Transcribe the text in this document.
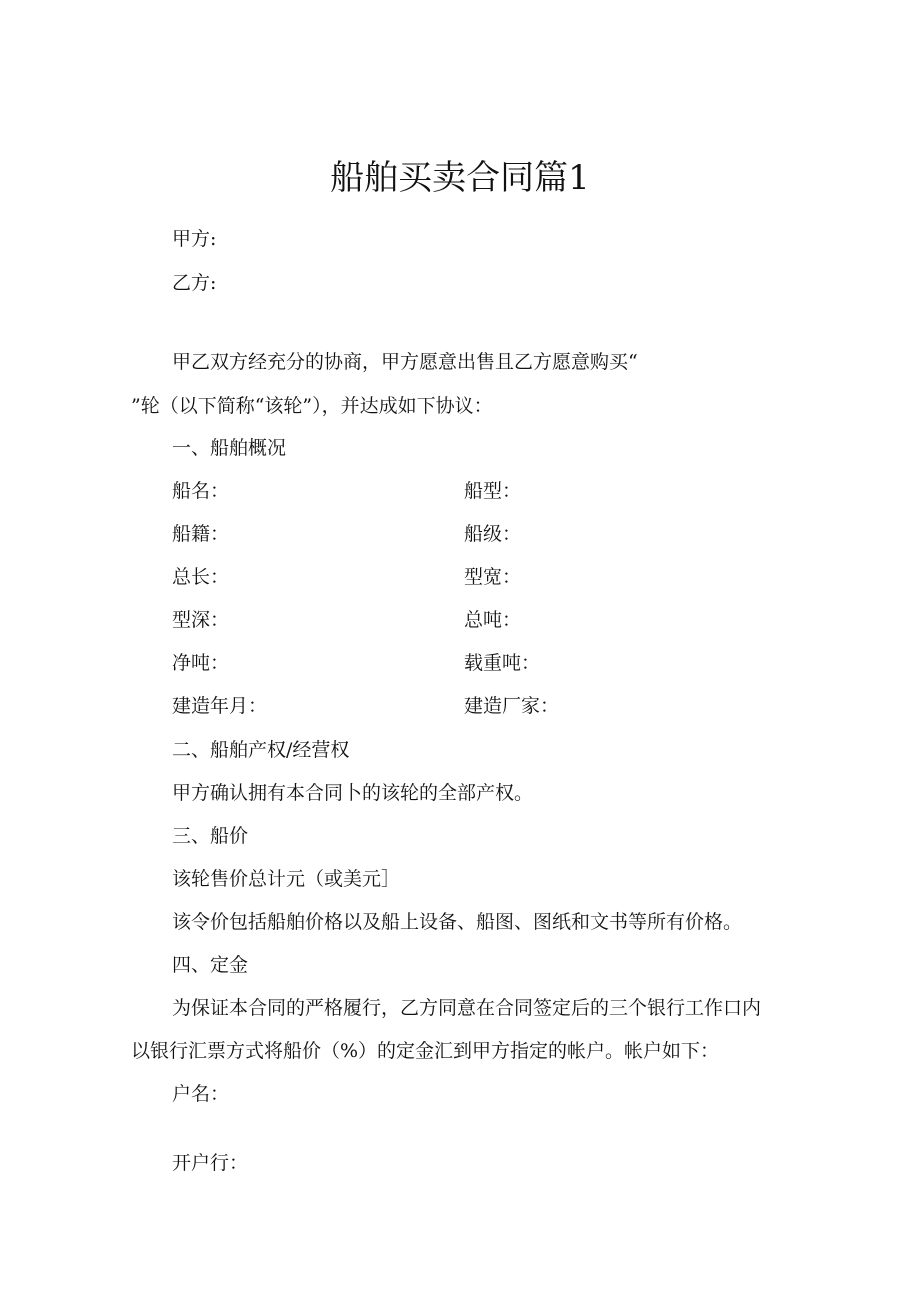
船舶买卖合同篇1
甲方:
乙方:
甲乙双方经充分的协商，甲方愿意出售且乙方愿意购买“
”轮（以下简称“该轮”），并达成如下协议：
一、船舶概况
船名：	船型：
船籍：	船级：
总长：	型宽：
型深：	总吨：
净吨：	载重吨：
建造年月：	建造厂家：
二、船舶产权/经营权
甲方确认拥有本合同卜的该轮的全部产权。
三、船价
该轮售价总计元（或美元］
该令价包括船舶价格以及船上设备、船图、图纸和文书等所有价格。
四、定金
为保证本合同的严格履行，乙方同意在合同签定后的三个银行工作口内
以银行汇票方式将船价（%）的定金汇到甲方指定的帐户。帐户如下：
户名：
开户行：
